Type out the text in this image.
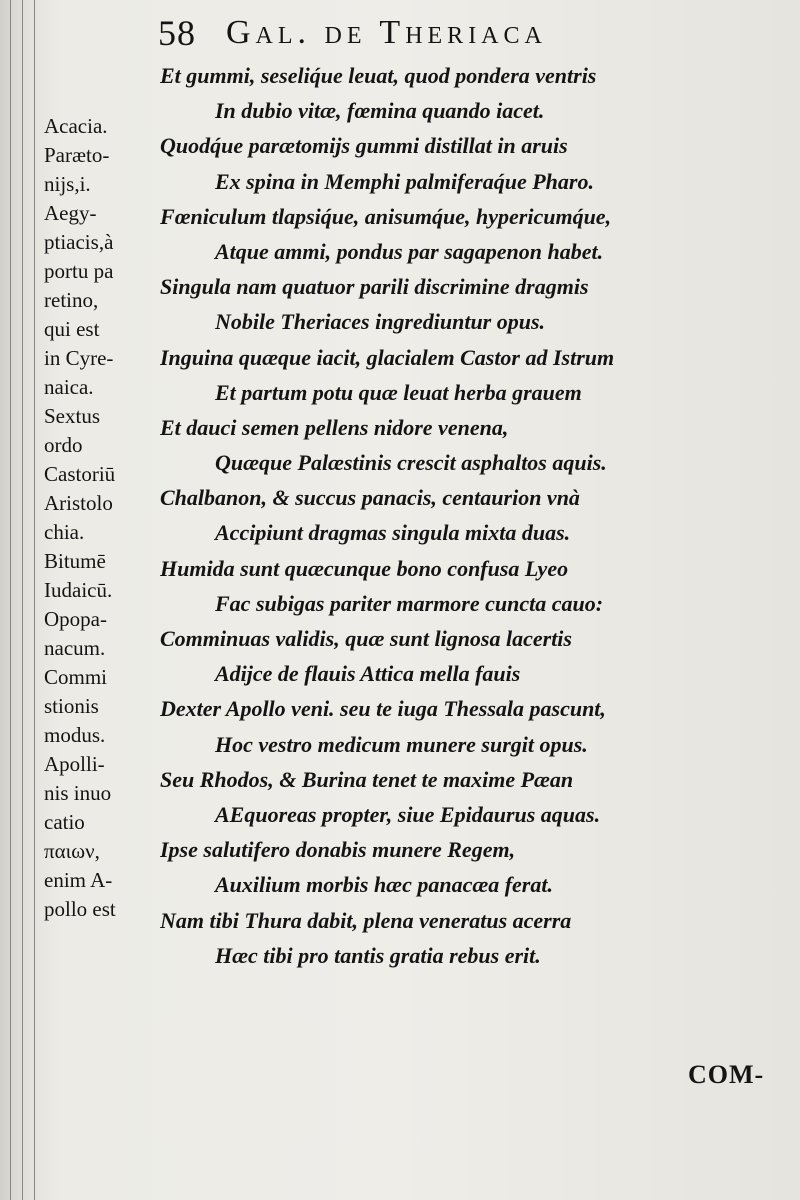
58 Gal. de Theriaca

Acacia.

Paræto-

nijs,i.

Aegy-

ptiacis,à

portu pa

retino,

qui est

in Cyre-

naica.

Sextus

ordo

Castoriū

Aristolo

chia.

Bitumē

Iudaicū.

Opopa-

nacum.

Commi

stionis

modus.

Apolli-

nis inuo

catio

παιων,

enim A-

pollo est

Et gummi, seseliq́ue leuat, quod pondera ventris
In dubio vitæ, fœmina quando iacet.
Quodq́ue parætomijs gummi distillat in aruis
Ex spina in Memphi palmiferaq́ue Pharo.
Fœniculum tlapsiq́ue, anisumq́ue, hypericumq́ue,
Atque ammi, pondus par sagapenon habet.
Singula nam quatuor parili discrimine dragmis
Nobile Theriaces ingrediuntur opus.
Inguina quæque iacit, glacialem Castor ad Istrum
Et partum potu quæ leuat herba grauem
Et dauci semen pellens nidore venena,
Quæque Palæstinis crescit asphaltos aquis.
Chalbanon, & succus panacis, centaurion vnà
Accipiunt dragmas singula mixta duas.
Humida sunt quæcunque bono confusa Lyeo
Fac subigas pariter marmore cuncta cauo:
Comminuas validis, quæ sunt lignosa lacertis
Adijce de flauis Attica mella fauis
Dexter Apollo veni. seu te iuga Thessala pascunt,
Hoc vestro medicum munere surgit opus.
Seu Rhodos, & Burina tenet te maxime Pæan
AEquoreas propter, siue Epidaurus aquas.
Ipse salutifero donabis munere Regem,
Auxilium morbis hæc panacæa ferat.
Nam tibi Thura dabit, plena veneratus acerra
Hæc tibi pro tantis gratia rebus erit.
COM-
